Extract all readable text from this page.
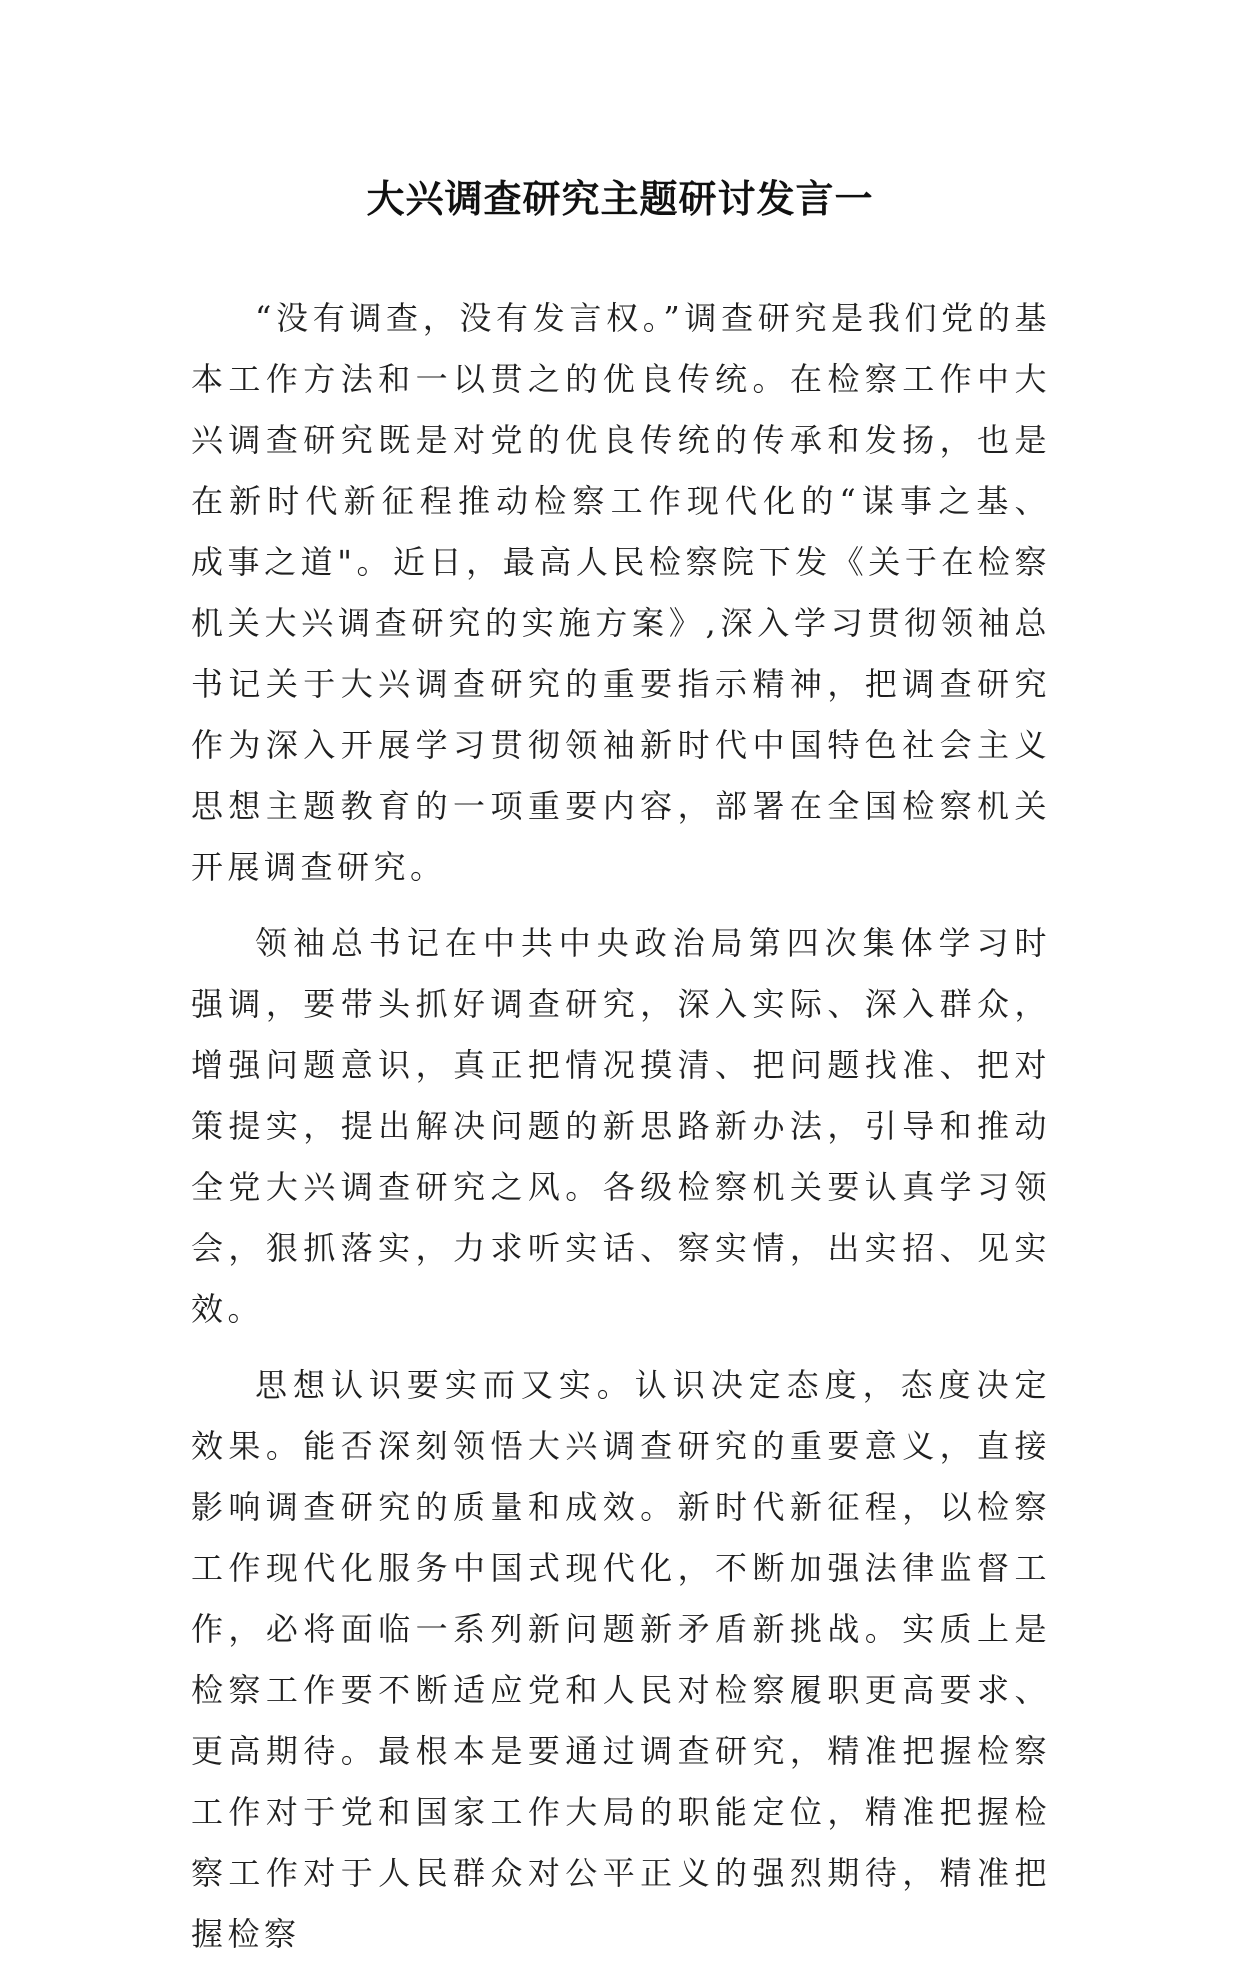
大兴调查研究主题研讨发言一

“没有调查，没有发言权。”调查研究是我们党的基本工作方法和一以贯之的优良传统。在检察工作中大兴调查研究既是对党的优良传统的传承和发扬，也是在新时代新征程推动检察工作现代化的“谋事之基、成事之道"。近日，最高人民检察院下发《关于在检察机关大兴调查研究的实施方案》,深入学习贯彻领袖总书记关于大兴调查研究的重要指示精神，把调查研究作为深入开展学习贯彻领袖新时代中国特色社会主义思想主题教育的一项重要内容，部署在全国检察机关开展调查研究。

领袖总书记在中共中央政治局第四次集体学习时强调，要带头抓好调查研究，深入实际、深入群众，增强问题意识，真正把情况摸清、把问题找准、把对策提实，提出解决问题的新思路新办法，引导和推动全党大兴调查研究之风。各级检察机关要认真学习领会，狠抓落实，力求听实话、察实情，出实招、见实效。

思想认识要实而又实。认识决定态度，态度决定效果。能否深刻领悟大兴调查研究的重要意义，直接影响调查研究的质量和成效。新时代新征程，以检察工作现代化服务中国式现代化，不断加强法律监督工作，必将面临一系列新问题新矛盾新挑战。实质上是检察工作要不断适应党和人民对检察履职更高要求、更高期待。最根本是要通过调查研究，精准把握检察工作对于党和国家工作大局的职能定位，精准把握检察工作对于人民群众对公平正义的强烈期待，精准把握检察
